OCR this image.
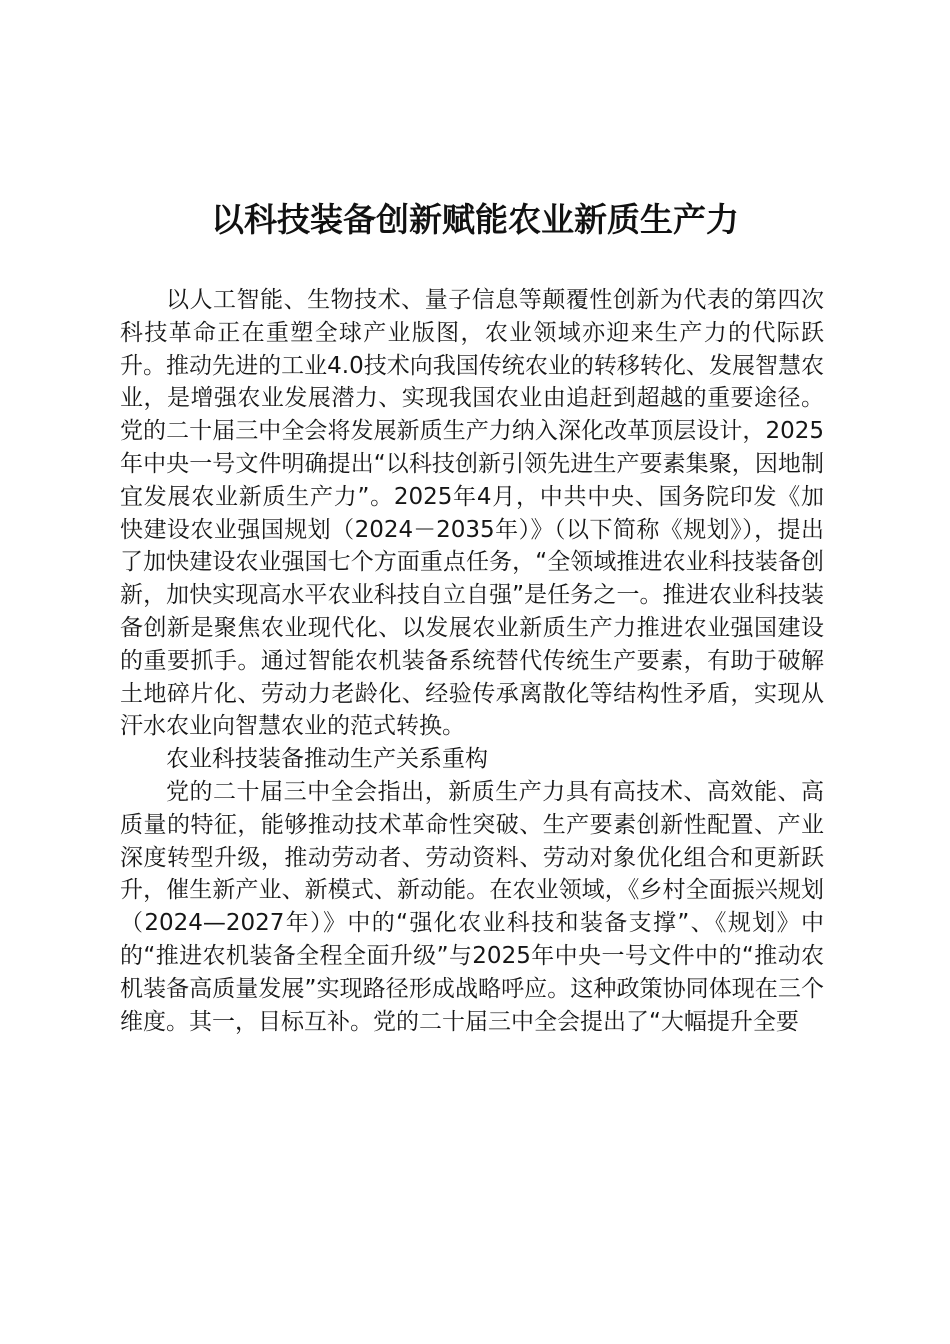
以科技装备创新赋能农业新质生产力

以人工智能、生物技术、量子信息等颠覆性创新为代表的第四次科技革命正在重塑全球产业版图，农业领域亦迎来生产力的代际跃升。推动先进的工业4.0技术向我国传统农业的转移转化、发展智慧农业，是增强农业发展潜力、实现我国农业由追赶到超越的重要途径。党的二十届三中全会将发展新质生产力纳入深化改革顶层设计，2025年中央一号文件明确提出“以科技创新引领先进生产要素集聚，因地制宜发展农业新质生产力”。2025年4月，中共中央、国务院印发《加快建设农业强国规划（2024－2035年）》（以下简称《规划》），提出了加快建设农业强国七个方面重点任务，“全领域推进农业科技装备创新，加快实现高水平农业科技自立自强”是任务之一。推进农业科技装备创新是聚焦农业现代化、以发展农业新质生产力推进农业强国建设的重要抓手。通过智能农机装备系统替代传统生产要素，有助于破解土地碎片化、劳动力老龄化、经验传承离散化等结构性矛盾，实现从汗水农业向智慧农业的范式转换。

农业科技装备推动生产关系重构

党的二十届三中全会指出，新质生产力具有高技术、高效能、高质量的特征，能够推动技术革命性突破、生产要素创新性配置、产业深度转型升级，推动劳动者、劳动资料、劳动对象优化组合和更新跃升，催生新产业、新模式、新动能。在农业领域，《乡村全面振兴规划（2024—2027年）》中的“强化农业科技和装备支撑”、《规划》中的“推进农机装备全程全面升级”与2025年中央一号文件中的“推动农机装备高质量发展”实现路径形成战略呼应。这种政策协同体现在三个维度。其一，目标互补。党的二十届三中全会提出了“大幅提升全要
